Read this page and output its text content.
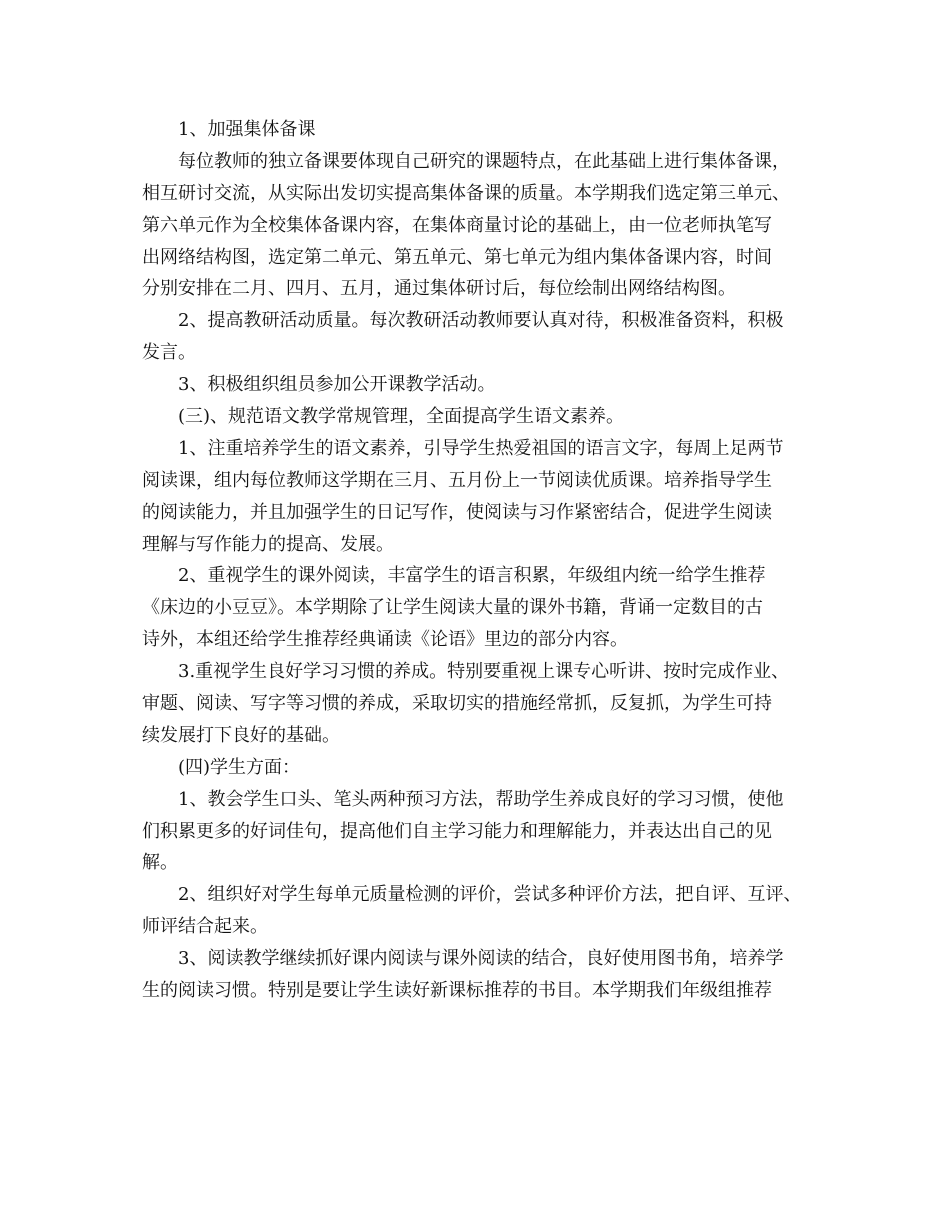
1、加强集体备课
每位教师的独立备课要体现自己研究的课题特点，在此基础上进行集体备课，
相互研讨交流，从实际出发切实提高集体备课的质量。本学期我们选定第三单元、
第六单元作为全校集体备课内容，在集体商量讨论的基础上，由一位老师执笔写
出网络结构图，选定第二单元、第五单元、第七单元为组内集体备课内容，时间
分别安排在二月、四月、五月，通过集体研讨后，每位绘制出网络结构图。
2、提高教研活动质量。每次教研活动教师要认真对待，积极准备资料，积极
发言。
3、积极组织组员参加公开课教学活动。
(三)、规范语文教学常规管理，全面提高学生语文素养。
1、注重培养学生的语文素养，引导学生热爱祖国的语言文字，每周上足两节
阅读课，组内每位教师这学期在三月、五月份上一节阅读优质课。培养指导学生
的阅读能力，并且加强学生的日记写作，使阅读与习作紧密结合，促进学生阅读
理解与写作能力的提高、发展。
2、重视学生的课外阅读，丰富学生的语言积累，年级组内统一给学生推荐
《床边的小豆豆》。本学期除了让学生阅读大量的课外书籍，背诵一定数目的古
诗外，本组还给学生推荐经典诵读《论语》里边的部分内容。
3.重视学生良好学习习惯的养成。特别要重视上课专心听讲、按时完成作业、
审题、阅读、写字等习惯的养成，采取切实的措施经常抓，反复抓，为学生可持
续发展打下良好的基础。
(四)学生方面：
1、教会学生口头、笔头两种预习方法，帮助学生养成良好的学习习惯，使他
们积累更多的好词佳句，提高他们自主学习能力和理解能力，并表达出自己的见
解。
2、组织好对学生每单元质量检测的评价，尝试多种评价方法，把自评、互评、
师评结合起来。
3、阅读教学继续抓好课内阅读与课外阅读的结合，良好使用图书角，培养学
生的阅读习惯。特别是要让学生读好新课标推荐的书目。本学期我们年级组推荐
